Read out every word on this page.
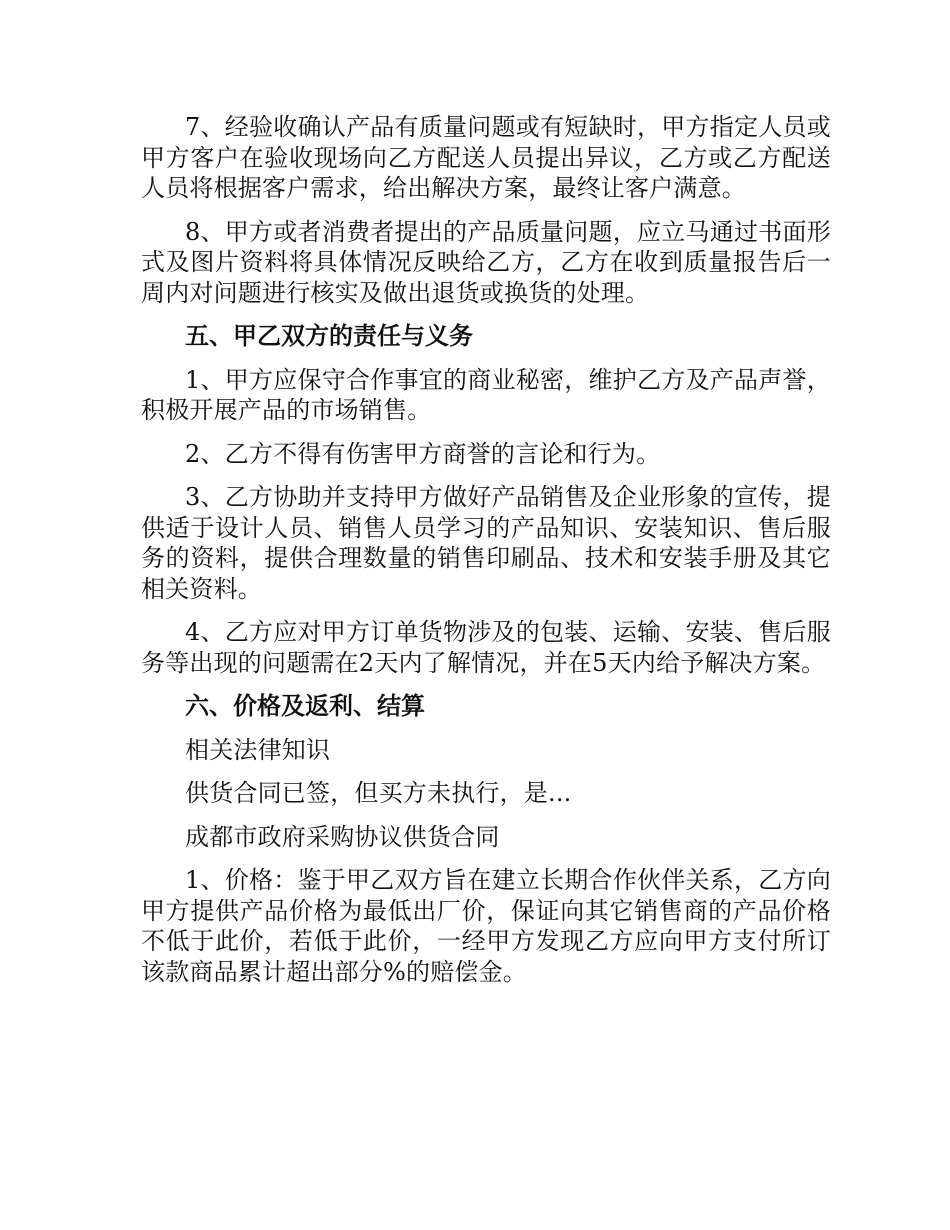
7、经验收确认产品有质量问题或有短缺时，甲方指定人员或甲方客户在验收现场向乙方配送人员提出异议，乙方或乙方配送人员将根据客户需求，给出解决方案，最终让客户满意。

8、甲方或者消费者提出的产品质量问题，应立马通过书面形式及图片资料将具体情况反映给乙方，乙方在收到质量报告后一周内对问题进行核实及做出退货或换货的处理。

五、甲乙双方的责任与义务

1、甲方应保守合作事宜的商业秘密，维护乙方及产品声誉，积极开展产品的市场销售。

2、乙方不得有伤害甲方商誉的言论和行为。

3、乙方协助并支持甲方做好产品销售及企业形象的宣传，提供适于设计人员、销售人员学习的产品知识、安装知识、售后服务的资料，提供合理数量的销售印刷品、技术和安装手册及其它相关资料。

4、乙方应对甲方订单货物涉及的包装、运输、安装、售后服务等出现的问题需在2天内了解情况，并在5天内给予解决方案。

六、价格及返利、结算

相关法律知识

供货合同已签，但买方未执行，是...

成都市政府采购协议供货合同

1、价格：鉴于甲乙双方旨在建立长期合作伙伴关系，乙方向甲方提供产品价格为最低出厂价，保证向其它销售商的产品价格不低于此价，若低于此价，一经甲方发现乙方应向甲方支付所订该款商品累计超出部分%的赔偿金。
